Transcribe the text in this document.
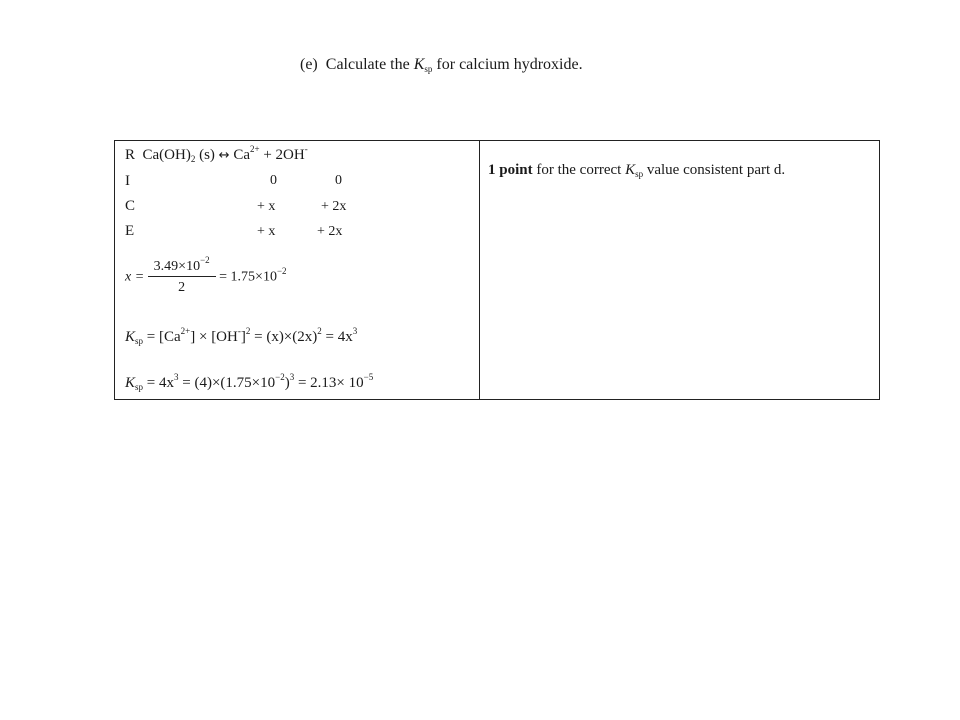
(e) Calculate the Ksp for calcium hydroxide.
R $Ca(OH)_2$ (s) ↔ $Ca^{2+} + 2OH^-$
I	0	0
C	+ x	+ 2x
E	+ x	+ 2x
$x = \frac{3.49\times 10^{-2}}{2} = 1.75\times 10^{-2}$
$K_{sp} = [Ca^{2+}] \times [OH^-]^2 = (x)\times(2x)^2 = 4x^3$
$K_{sp} = 4x^3 = (4)\times(1.75\times 10^{-2})^3 = 2.13\times 10^{-5}$
1 point for the correct $K_{sp}$ value consistent part d.
